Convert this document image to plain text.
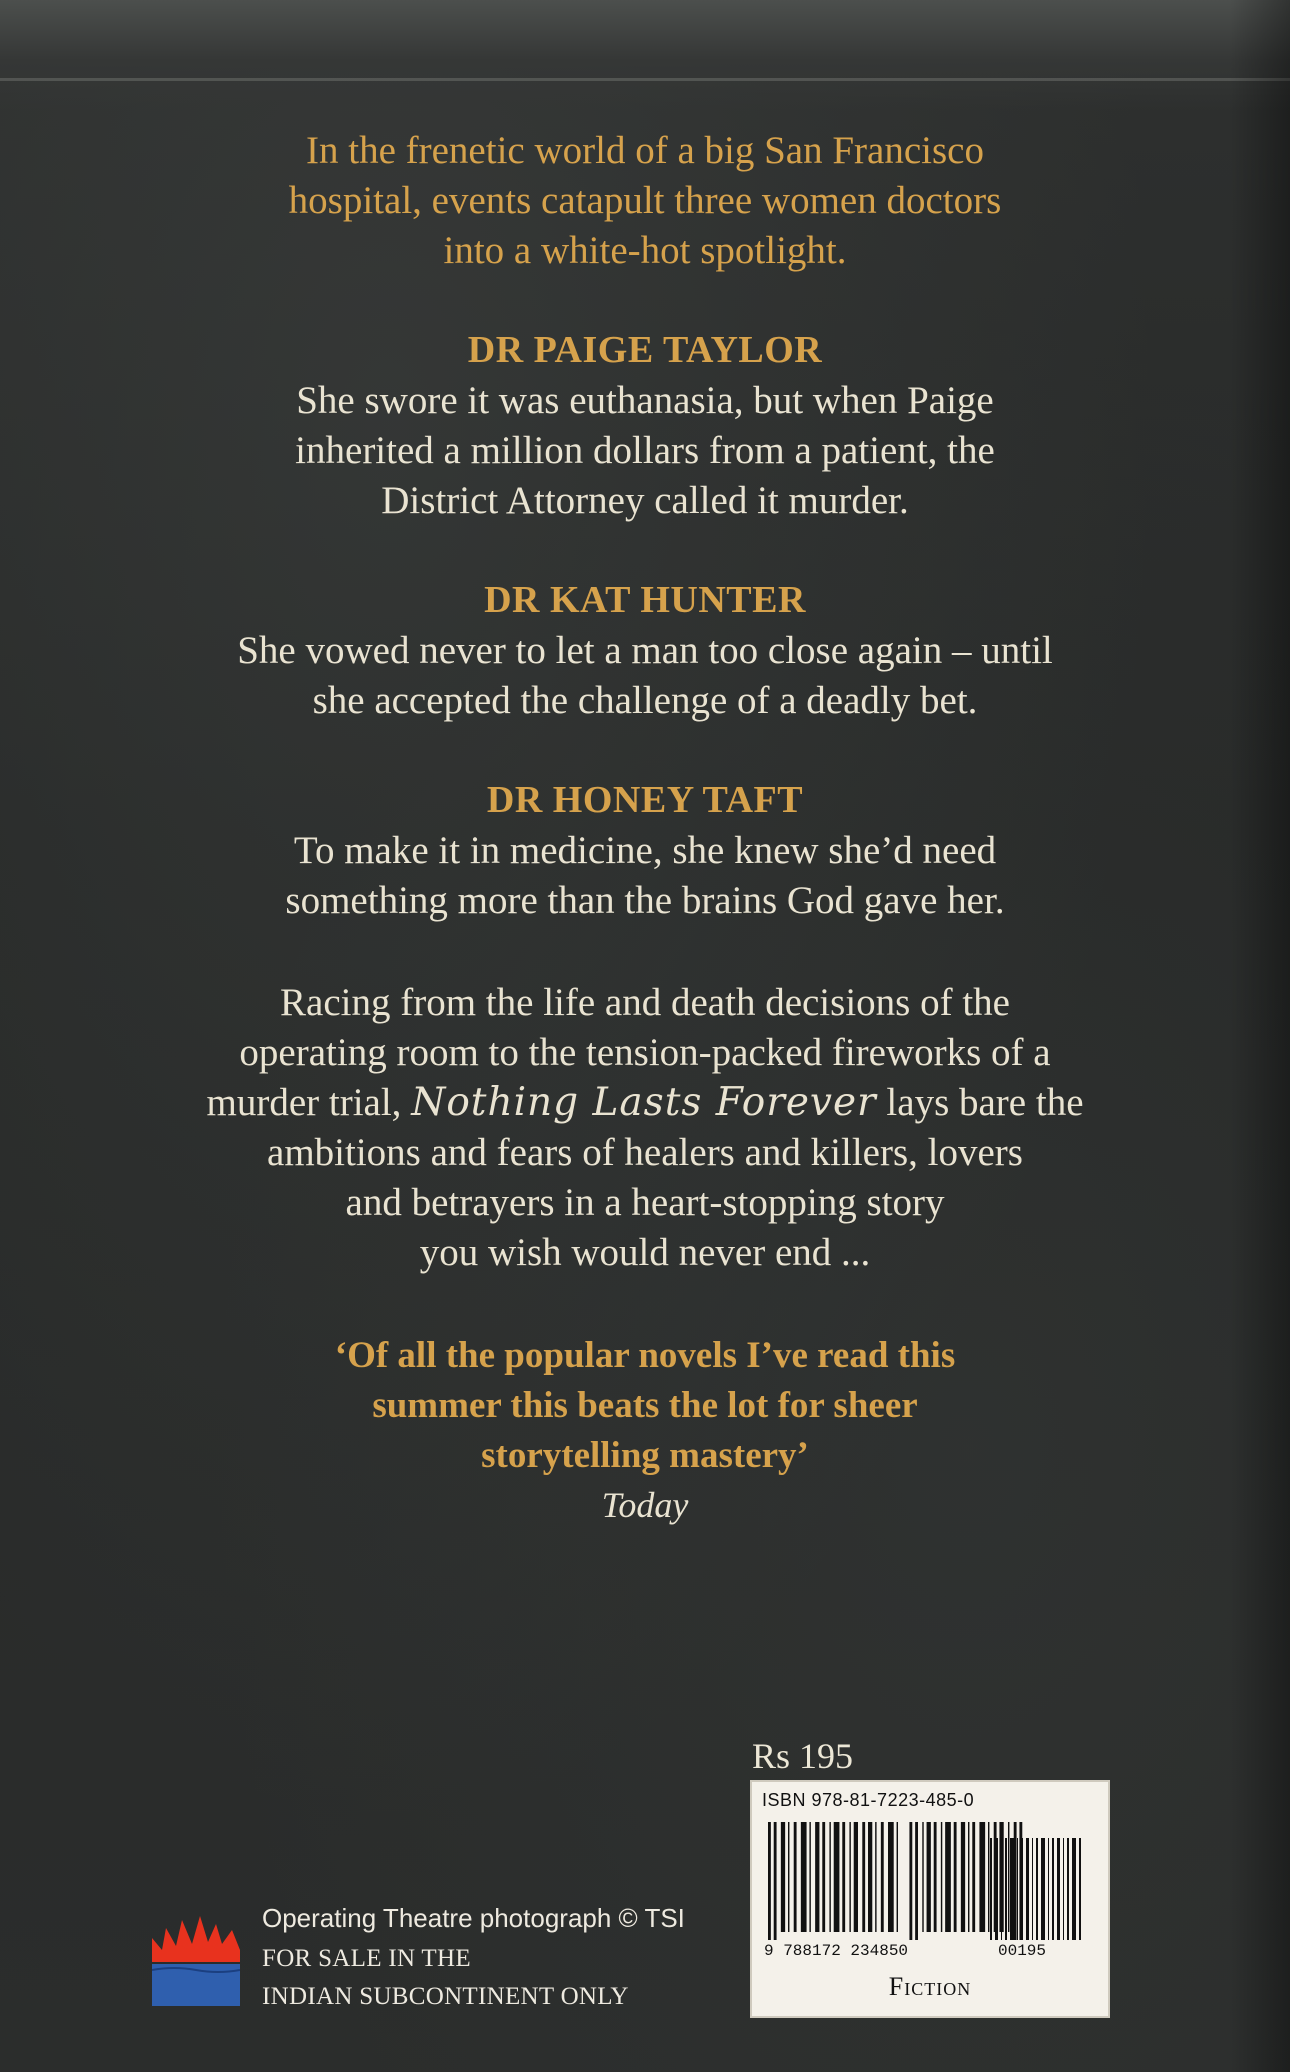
In the frenetic world of a big San Francisco
hospital, events catapult three women doctors
into a white-hot spotlight.
DR PAIGE TAYLOR
She swore it was euthanasia, but when Paige
inherited a million dollars from a patient, the
District Attorney called it murder.
DR KAT HUNTER
She vowed never to let a man too close again – until
she accepted the challenge of a deadly bet.
DR HONEY TAFT
To make it in medicine, she knew she’d need
something more than the brains God gave her.
Racing from the life and death decisions of the
operating room to the tension-packed fireworks of a
murder trial, Nothing Lasts Forever lays bare the
ambitions and fears of healers and killers, lovers
and betrayers in a heart-stopping story
you wish would never end ...
‘Of all the popular novels I’ve read this
summer this beats the lot for sheer
storytelling mastery’
Today
Rs 195
ISBN 978-81-7223-485-0
9 788172 234850	00195
Fiction
Operating Theatre photograph © TSI
FOR SALE IN THE
INDIAN SUBCONTINENT ONLY
